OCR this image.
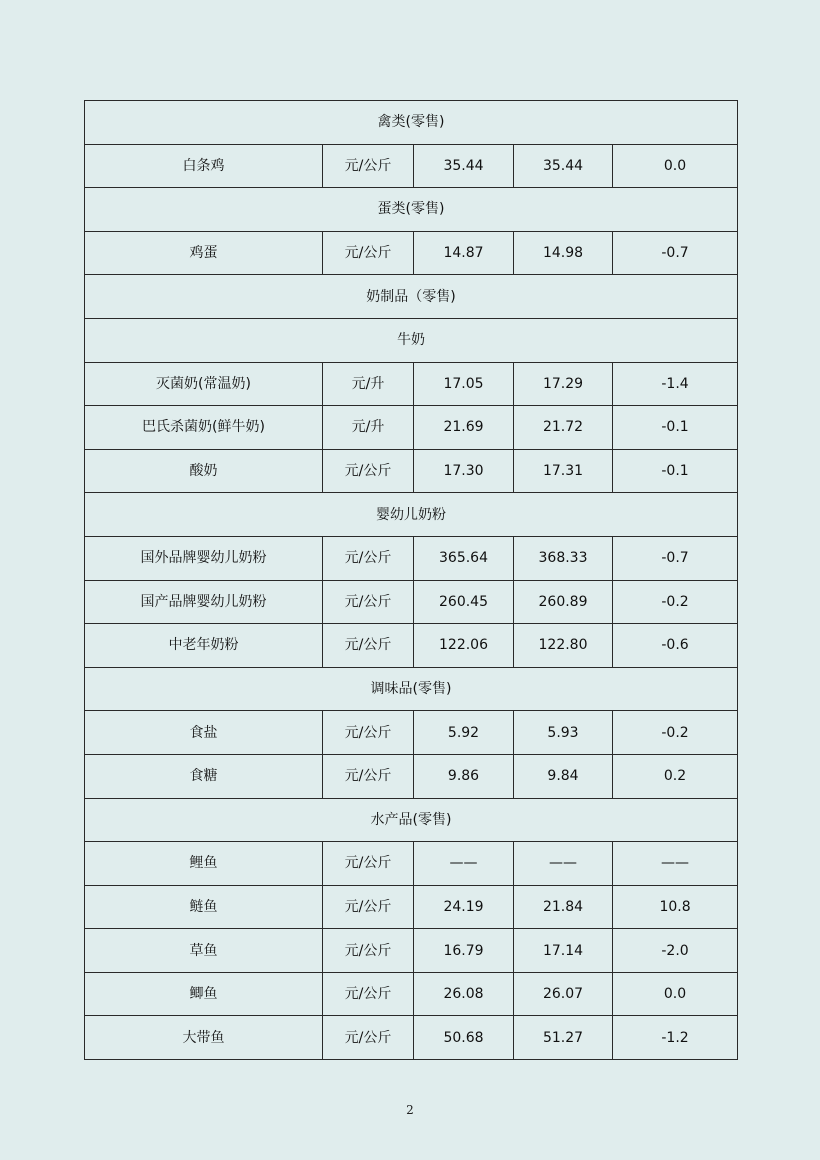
禽类(零售)				
白条鸡	元/公斤	35.44	35.44	0.0
蛋类(零售)				
鸡蛋	元/公斤	14.87	14.98	-0.7
奶制品（零售)				
牛奶				
灭菌奶(常温奶)	元/升	17.05	17.29	-1.4
巴氏杀菌奶(鲜牛奶)	元/升	21.69	21.72	-0.1
酸奶	元/公斤	17.30	17.31	-0.1
婴幼儿奶粉				
国外品牌婴幼儿奶粉	元/公斤	365.64	368.33	-0.7
国产品牌婴幼儿奶粉	元/公斤	260.45	260.89	-0.2
中老年奶粉	元/公斤	122.06	122.80	-0.6
调味品(零售)				
食盐	元/公斤	5.92	5.93	-0.2
食糖	元/公斤	9.86	9.84	0.2
水产品(零售)				
鲤鱼	元/公斤	——	——	——
鲢鱼	元/公斤	24.19	21.84	10.8
草鱼	元/公斤	16.79	17.14	-2.0
鲫鱼	元/公斤	26.08	26.07	0.0
大带鱼	元/公斤	50.68	51.27	-1.2
2
